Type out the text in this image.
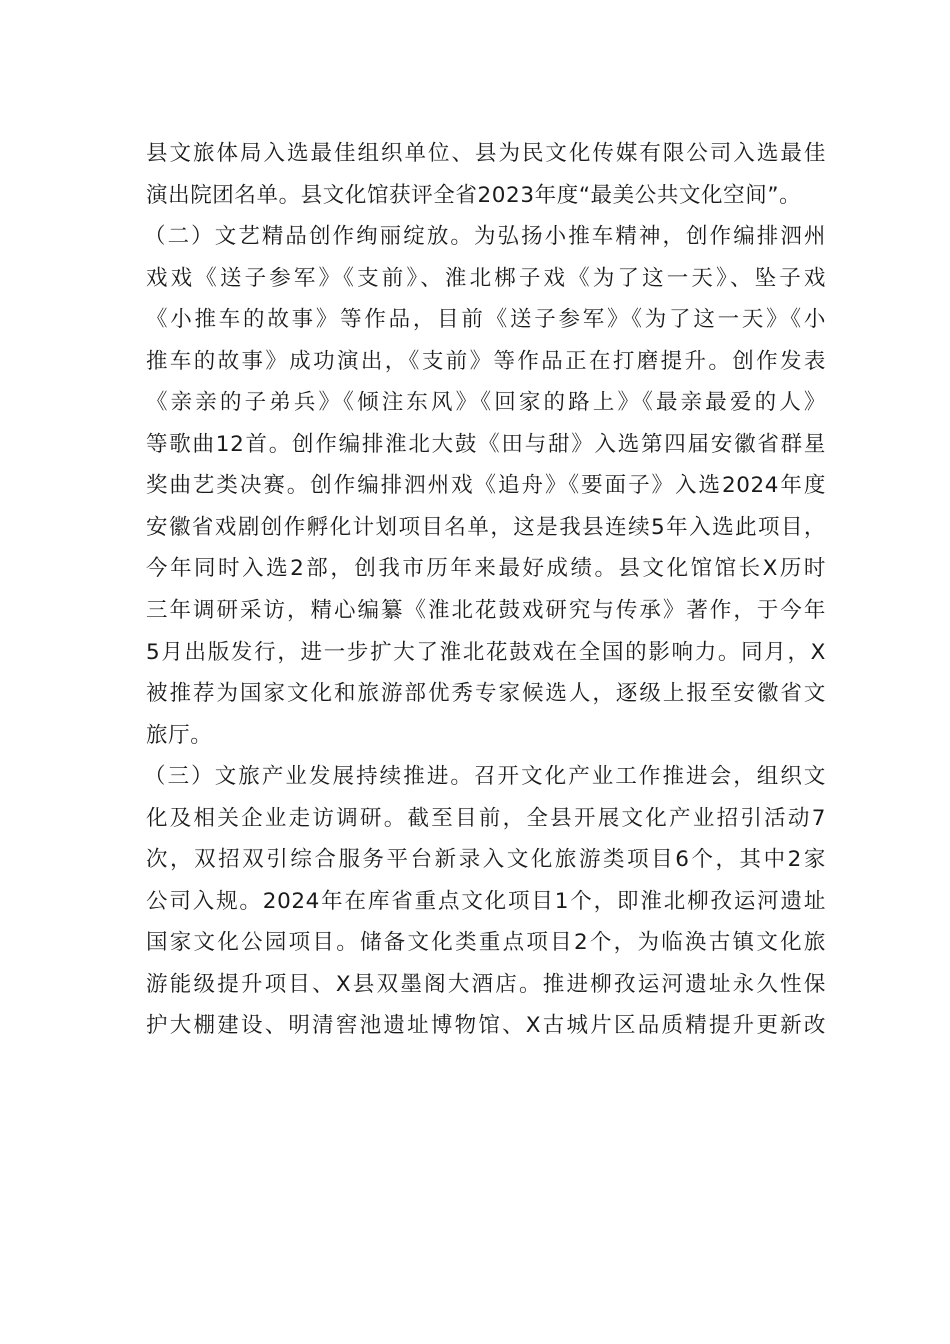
县文旅体局入选最佳组织单位、县为民文化传媒有限公司入选最佳
演出院团名单。县文化馆获评全省2023年度“最美公共文化空间”。
（二）文艺精品创作绚丽绽放。为弘扬小推车精神，创作编排泗州
戏戏《送子参军》《支前》、淮北梆子戏《为了这一天》、坠子戏
《小推车的故事》等作品，目前《送子参军》《为了这一天》《小
推车的故事》成功演出，《支前》等作品正在打磨提升。创作发表
《亲亲的子弟兵》《倾注东风》《回家的路上》《最亲最爱的人》
等歌曲12首。创作编排淮北大鼓《田与甜》入选第四届安徽省群星
奖曲艺类决赛。创作编排泗州戏《追舟》《要面子》入选2024年度
安徽省戏剧创作孵化计划项目名单，这是我县连续5年入选此项目，
今年同时入选2部，创我市历年来最好成绩。县文化馆馆长X历时
三年调研采访，精心编纂《淮北花鼓戏研究与传承》著作，于今年
5月出版发行，进一步扩大了淮北花鼓戏在全国的影响力。同月，X
被推荐为国家文化和旅游部优秀专家候选人，逐级上报至安徽省文
旅厅。
（三）文旅产业发展持续推进。召开文化产业工作推进会，组织文
化及相关企业走访调研。截至目前，全县开展文化产业招引活动7
次，双招双引综合服务平台新录入文化旅游类项目6个，其中2家
公司入规。2024年在库省重点文化项目1个，即淮北柳孜运河遗址
国家文化公园项目。储备文化类重点项目2个，为临涣古镇文化旅
游能级提升项目、X县双墨阁大酒店。推进柳孜运河遗址永久性保
护大棚建设、明清窖池遗址博物馆、X古城片区品质精提升更新改
